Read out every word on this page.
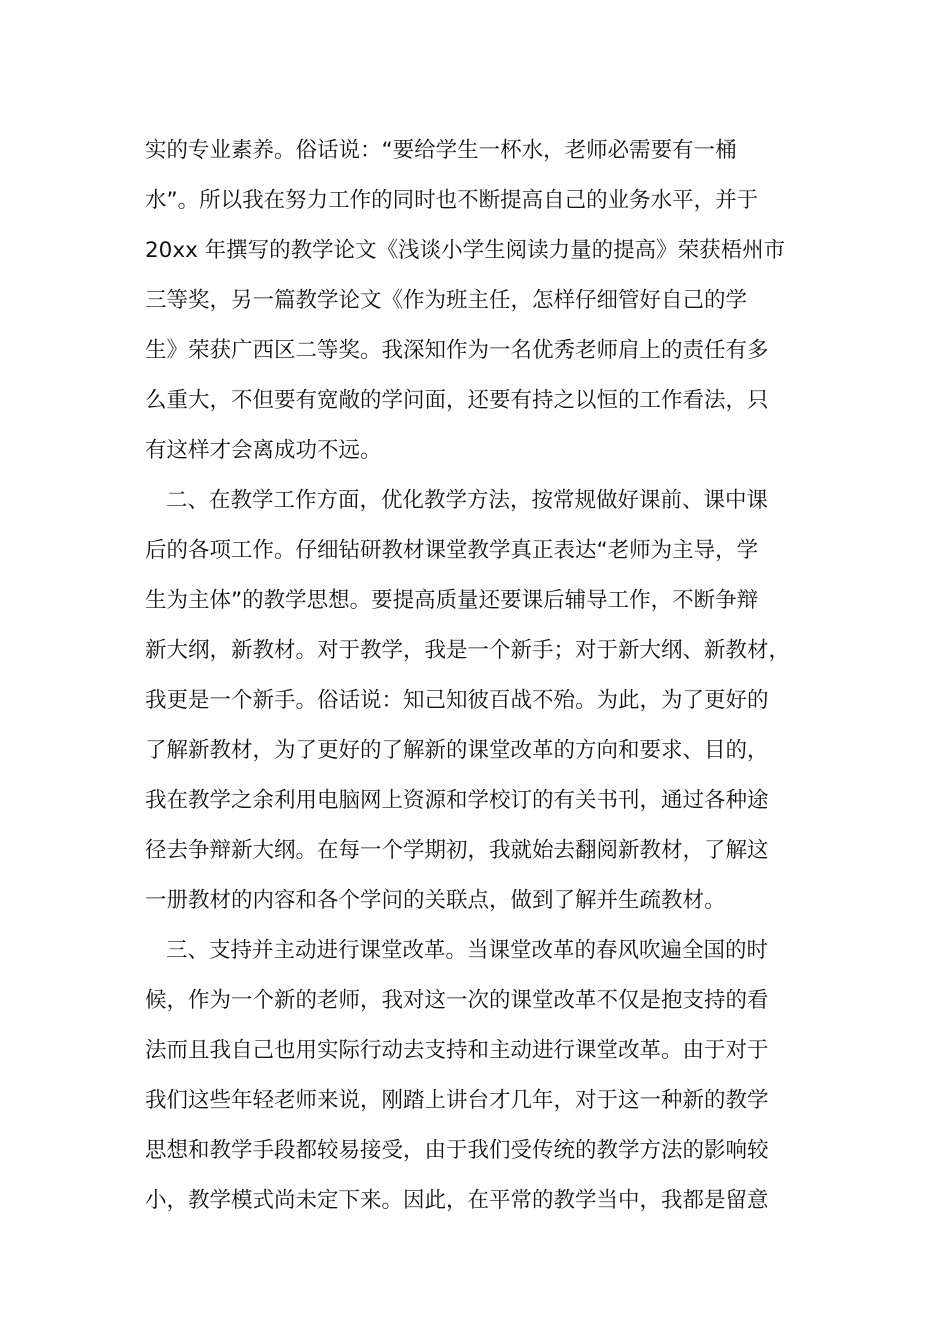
实的专业素养。俗话说：“要给学生一杯水，老师必需要有一桶
水”。所以我在努力工作的同时也不断提高自己的业务水平，并于
20xx 年撰写的教学论文《浅谈小学生阅读力量的提高》荣获梧州市
三等奖，另一篇教学论文《作为班主任，怎样仔细管好自己的学
生》荣获广西区二等奖。我深知作为一名优秀老师肩上的责任有多
么重大，不但要有宽敞的学问面，还要有持之以恒的工作看法，只
有这样才会离成功不远。
二、在教学工作方面，优化教学方法，按常规做好课前、课中课
后的各项工作。仔细钻研教材课堂教学真正表达“老师为主导，学
生为主体”的教学思想。要提高质量还要课后辅导工作，不断争辩
新大纲，新教材。对于教学，我是一个新手；对于新大纲、新教材，
我更是一个新手。俗话说：知己知彼百战不殆。为此，为了更好的
了解新教材，为了更好的了解新的课堂改革的方向和要求、目的，
我在教学之余利用电脑网上资源和学校订的有关书刊，通过各种途
径去争辩新大纲。在每一个学期初，我就始去翻阅新教材，了解这
一册教材的内容和各个学问的关联点，做到了解并生疏教材。
三、支持并主动进行课堂改革。当课堂改革的春风吹遍全国的时
候，作为一个新的老师，我对这一次的课堂改革不仅是抱支持的看
法而且我自己也用实际行动去支持和主动进行课堂改革。由于对于
我们这些年轻老师来说，刚踏上讲台才几年，对于这一种新的教学
思想和教学手段都较易接受，由于我们受传统的教学方法的影响较
小，教学模式尚未定下来。因此，在平常的教学当中，我都是留意
